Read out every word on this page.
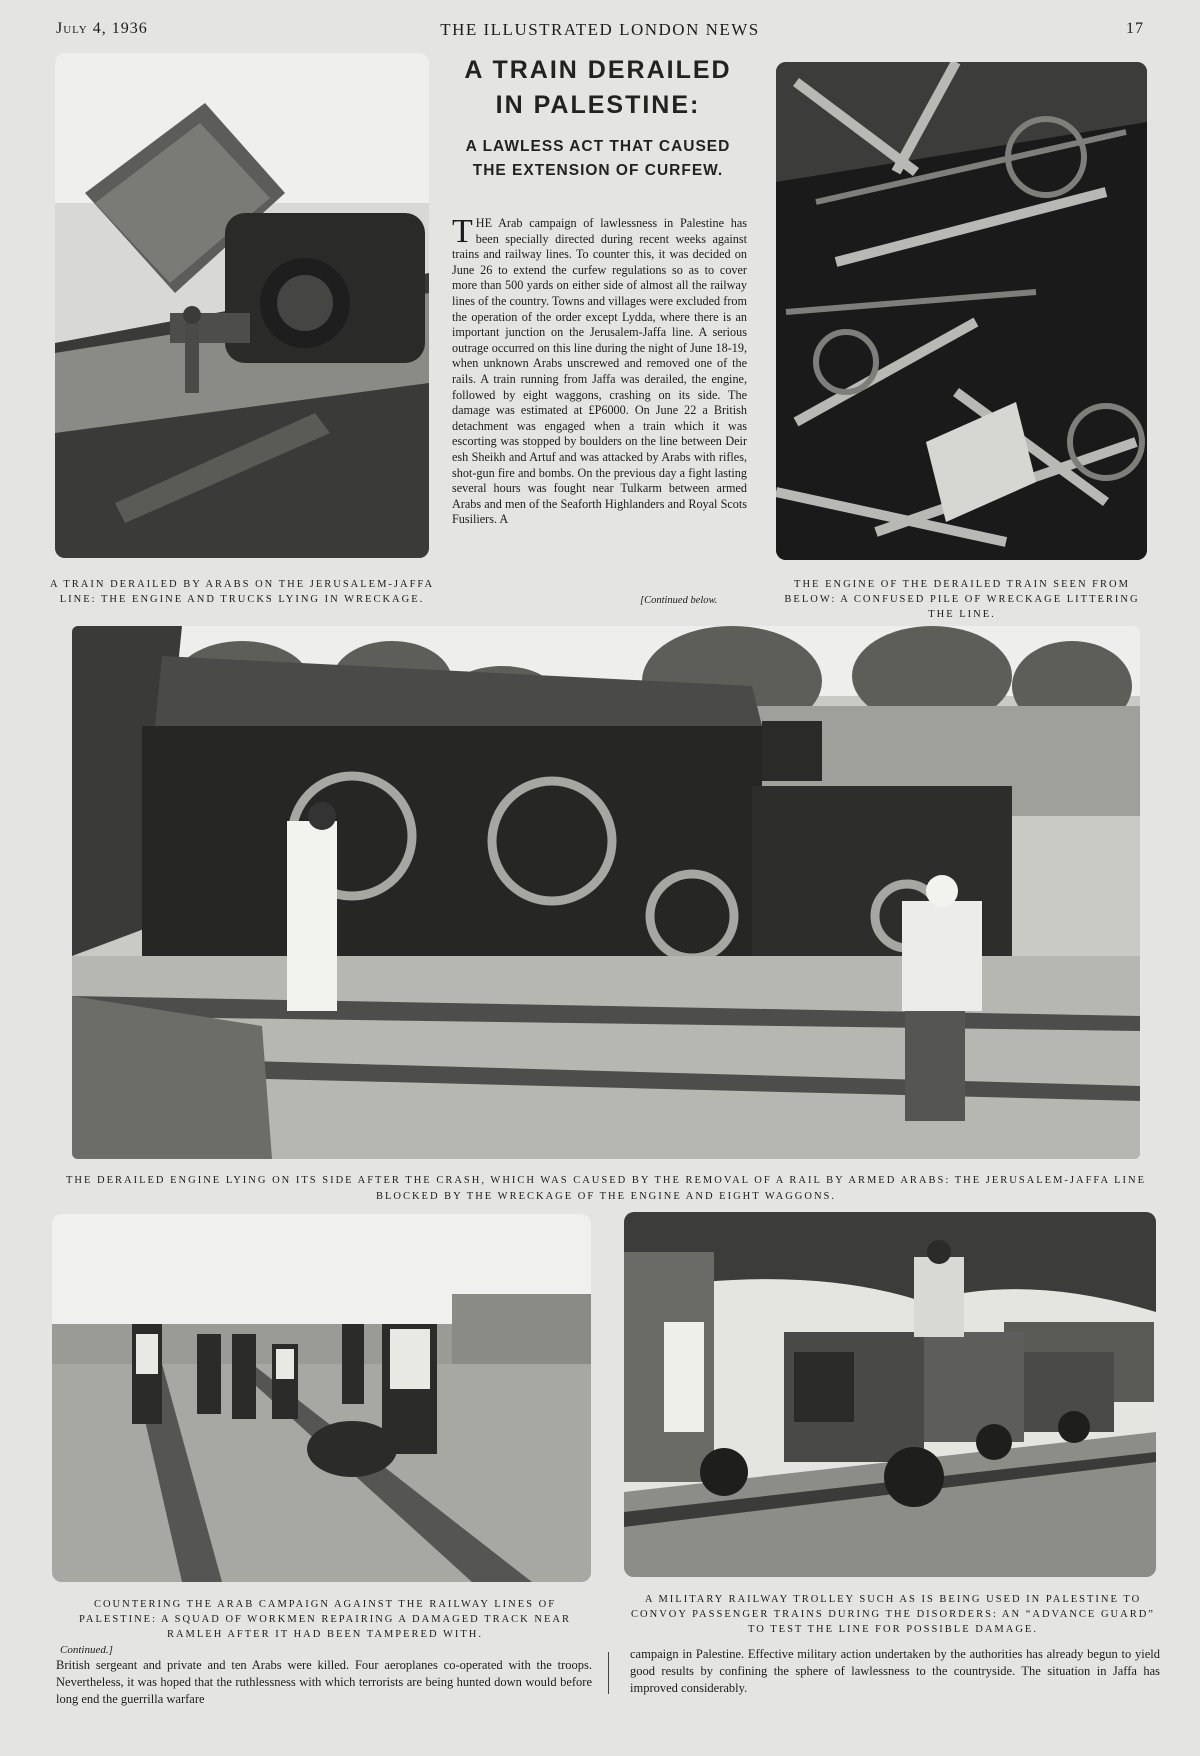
July 4, 1936	THE ILLUSTRATED LONDON NEWS	17
A TRAIN DERAILED
IN PALESTINE:
A LAWLESS ACT THAT CAUSED
THE EXTENSION OF CURFEW.
THE Arab campaign of lawlessness in Palestine has been specially directed during recent weeks against trains and railway lines. To counter this, it was decided on June 26 to extend the curfew regulations so as to cover more than 500 yards on either side of almost all the railway lines of the country. Towns and villages were excluded from the operation of the order except Lydda, where there is an important junction on the Jerusalem-Jaffa line. A serious outrage occurred on this line during the night of June 18-19, when unknown Arabs unscrewed and removed one of the rails. A train running from Jaffa was derailed, the engine, followed by eight waggons, crashing on its side. The damage was estimated at £P6000. On June 22 a British detachment was engaged when a train which it was escorting was stopped by boulders on the line between Deir esh Sheikh and Artuf and was attacked by Arabs with rifles, shot-gun fire and bombs. On the previous day a fight lasting several hours was fought near Tulkarm between armed Arabs and men of the Seaforth Highlanders and Royal Scots Fusiliers. A
[Continued below.
A TRAIN DERAILED BY ARABS ON THE JERUSALEM-JAFFA LINE: THE ENGINE AND TRUCKS LYING IN WRECKAGE.
THE ENGINE OF THE DERAILED TRAIN SEEN FROM BELOW: A CONFUSED PILE OF WRECKAGE LITTERING THE LINE.
THE DERAILED ENGINE LYING ON ITS SIDE AFTER THE CRASH, WHICH WAS CAUSED BY THE REMOVAL OF A RAIL BY ARMED ARABS: THE JERUSALEM-JAFFA LINE BLOCKED BY THE WRECKAGE OF THE ENGINE AND EIGHT WAGGONS.
COUNTERING THE ARAB CAMPAIGN AGAINST THE RAILWAY LINES OF PALESTINE: A SQUAD OF WORKMEN REPAIRING A DAMAGED TRACK NEAR RAMLEH AFTER IT HAD BEEN TAMPERED WITH.
A MILITARY RAILWAY TROLLEY SUCH AS IS BEING USED IN PALESTINE TO CONVOY PASSENGER TRAINS DURING THE DISORDERS: AN “ADVANCE GUARD” TO TEST THE LINE FOR POSSIBLE DAMAGE.
Continued.]
British sergeant and private and ten Arabs were killed. Four aeroplanes co-operated with the troops. Nevertheless, it was hoped that the ruthlessness with which terrorists are being hunted down would before long end the guerrilla warfare
campaign in Palestine. Effective military action undertaken by the authorities has already begun to yield good results by confining the sphere of lawlessness to the countryside. The situation in Jaffa has improved considerably.
